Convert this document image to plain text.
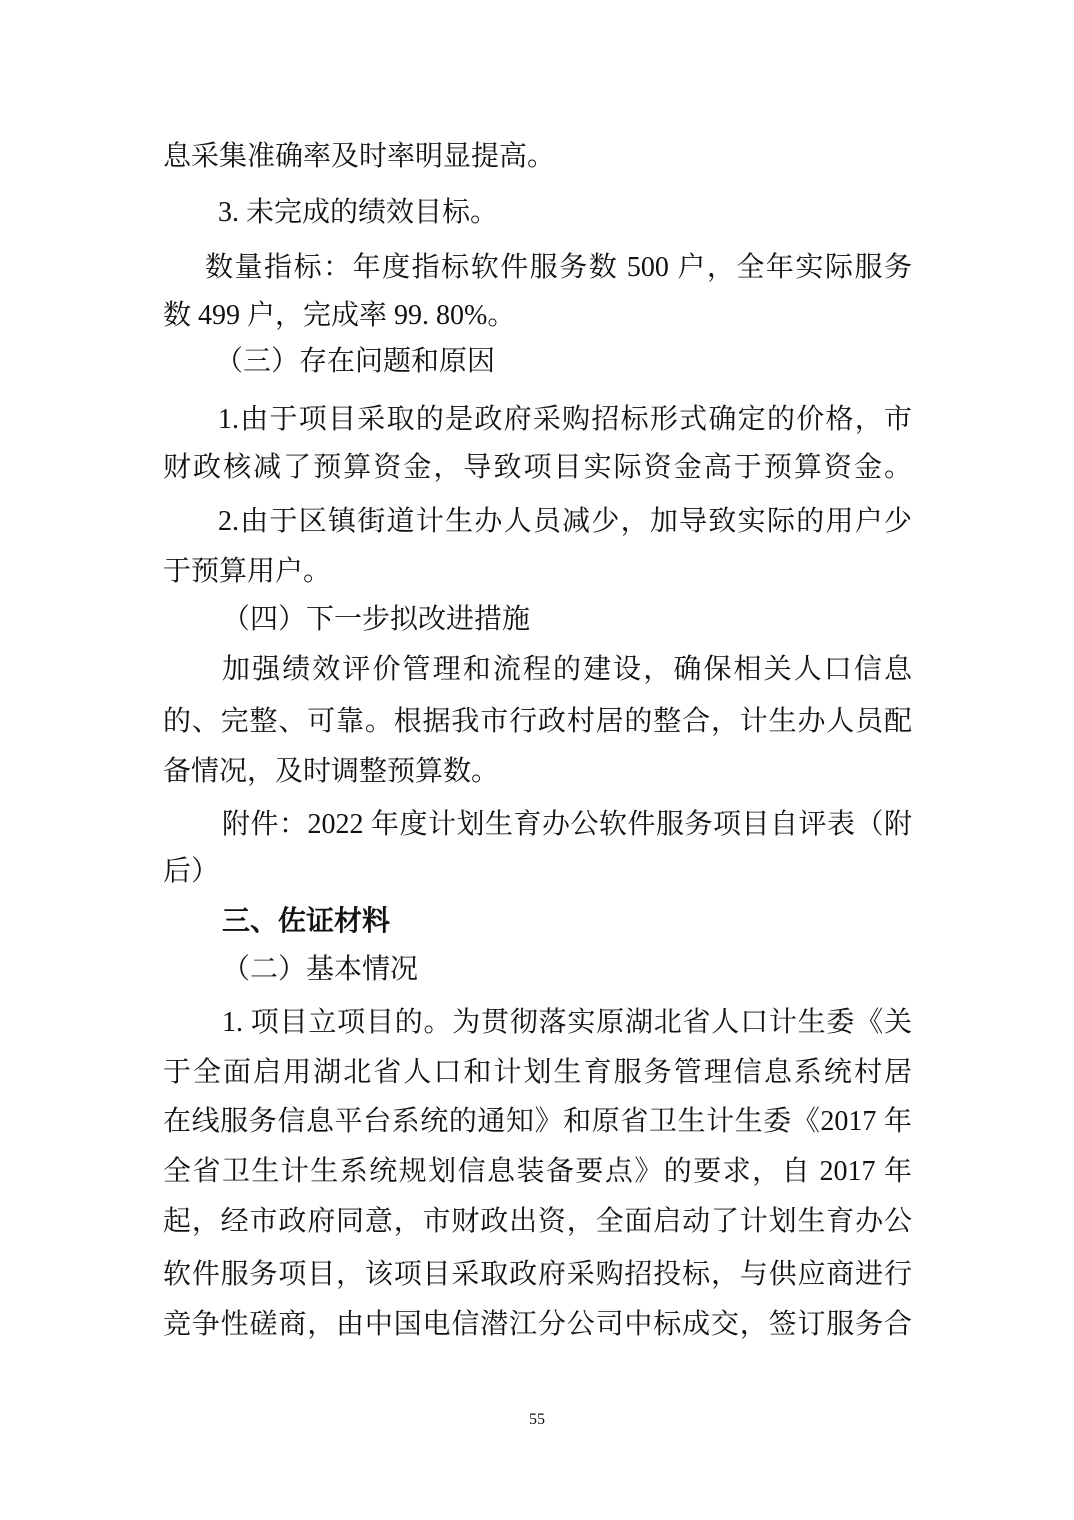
息采集准确率及时率明显提高。
3. 未完成的绩效目标。
数量指标：年度指标软件服务数 500 户，全年实际服务
数 499 户，完成率 99. 80%。
（三）存在问题和原因
1.由于项目采取的是政府采购招标形式确定的价格，市
财政核减了预算资金，导致项目实际资金高于预算资金。
2.由于区镇街道计生办人员减少，加导致实际的用户少
于预算用户。
（四）下一步拟改进措施
加强绩效评价管理和流程的建设，确保相关人口信息
的、完整、可靠。根据我市行政村居的整合，计生办人员配
备情况，及时调整预算数。
附件：2022 年度计划生育办公软件服务项目自评表（附
后）
三、佐证材料
（二）基本情况
1. 项目立项目的。为贯彻落实原湖北省人口计生委《关
于全面启用湖北省人口和计划生育服务管理信息系统村居
在线服务信息平台系统的通知》和原省卫生计生委《2017 年
全省卫生计生系统规划信息装备要点》的要求，自 2017 年
起，经市政府同意，市财政出资，全面启动了计划生育办公
软件服务项目，该项目采取政府采购招投标，与供应商进行
竞争性磋商，由中国电信潜江分公司中标成交，签订服务合
55
